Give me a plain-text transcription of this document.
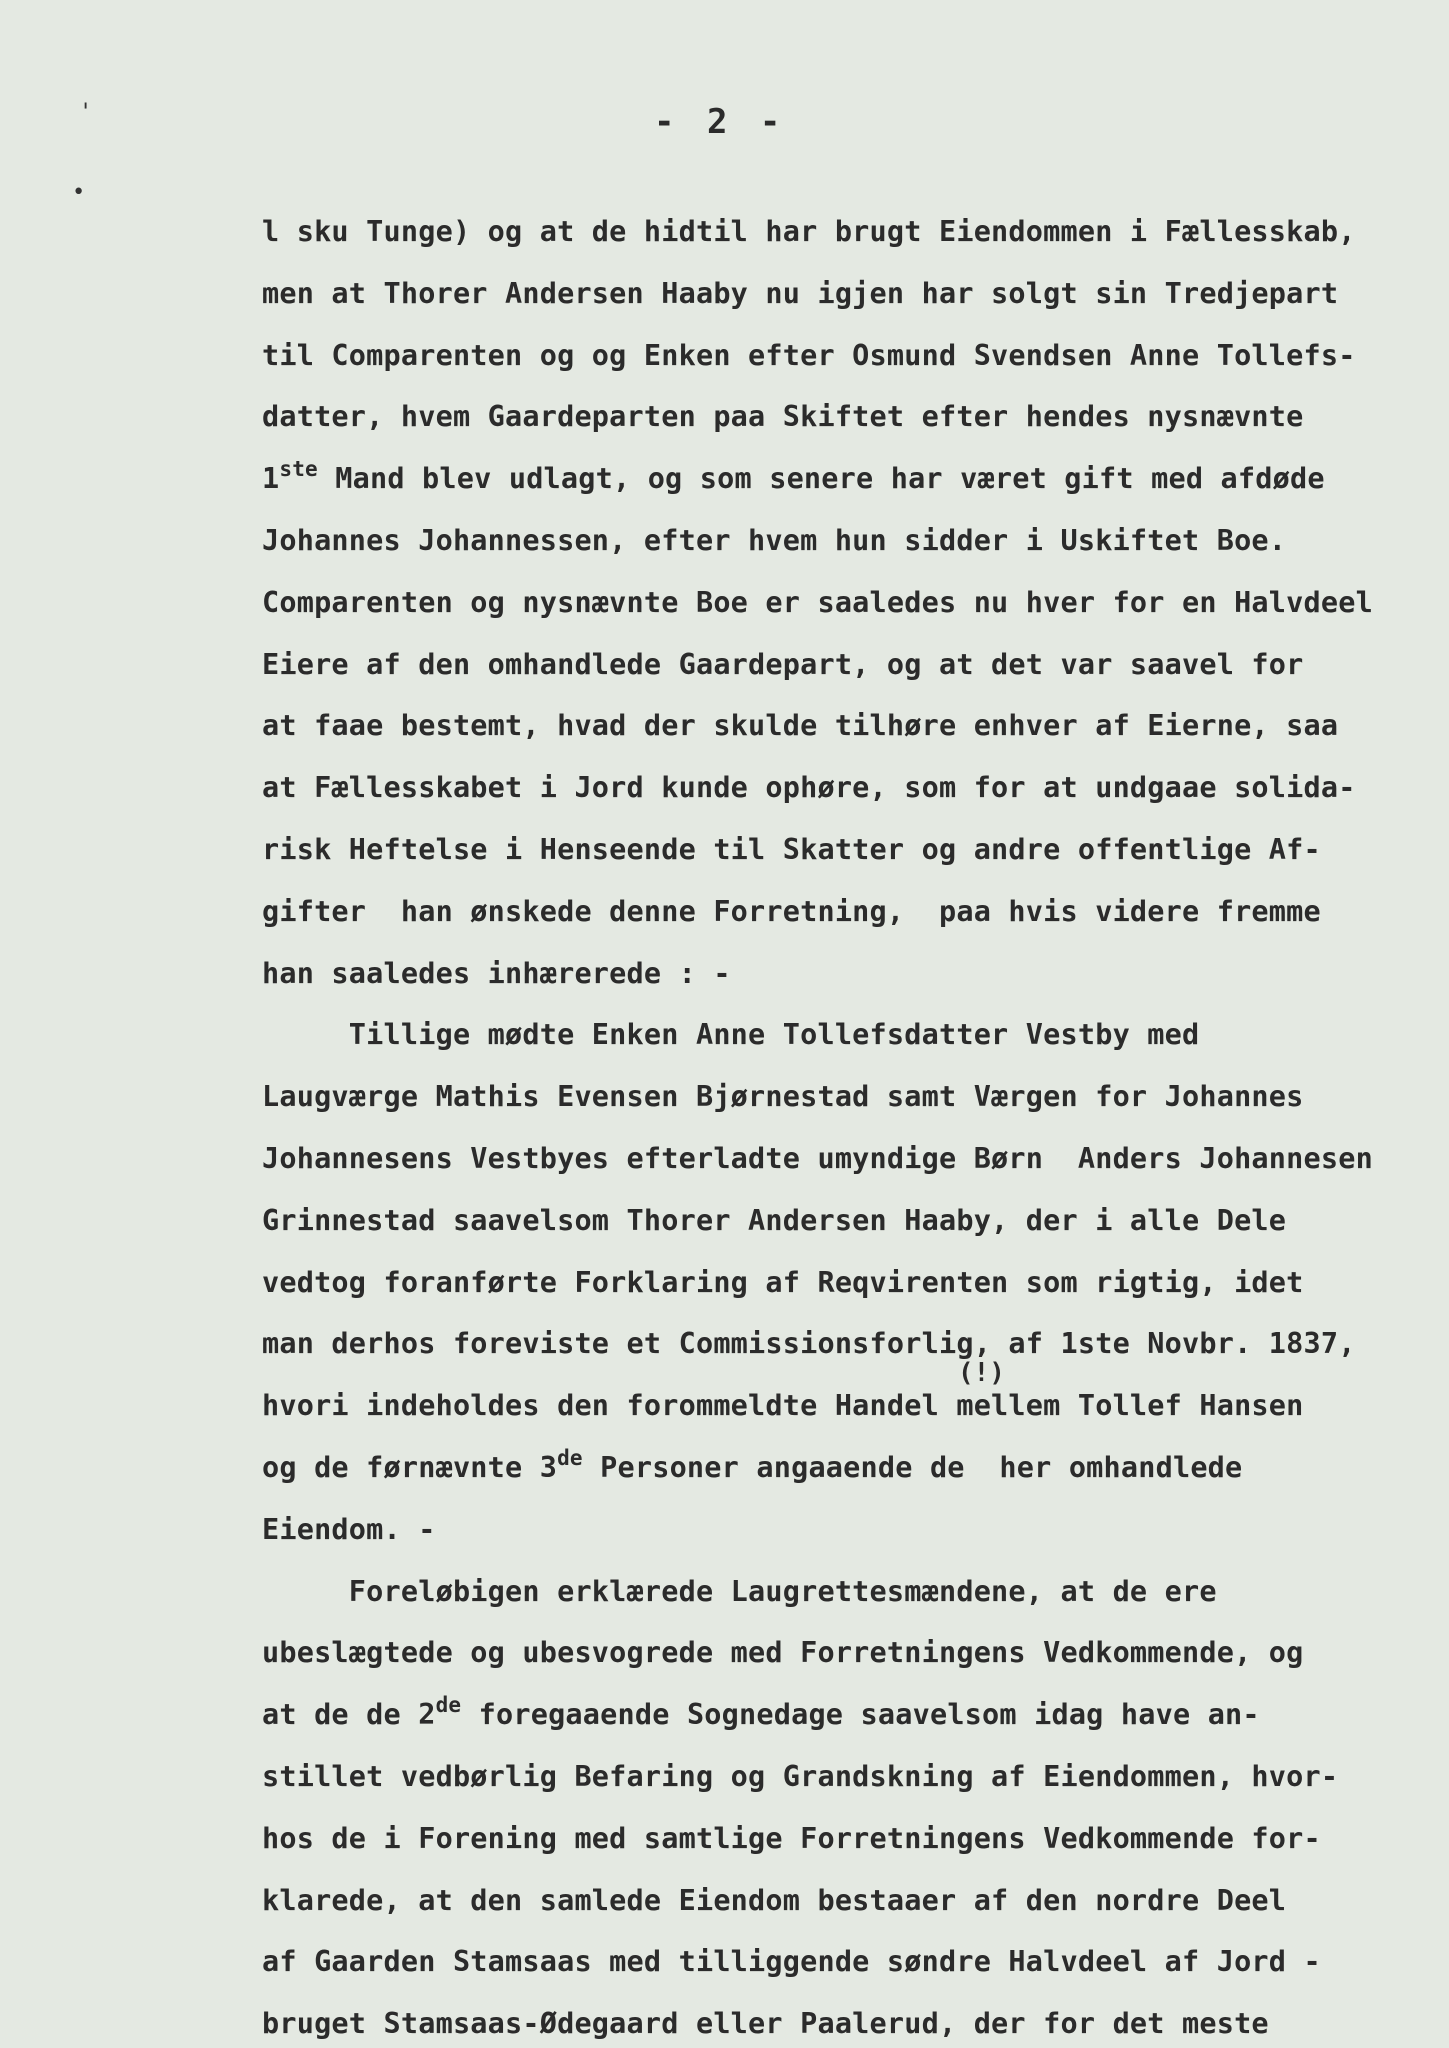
'
•
- 2 -
l sku Tunge) og at de hidtil har brugt Eiendommen i Fællesskab,
men at Thorer Andersen Haaby nu igjen har solgt sin Tredjepart
til Comparenten og og Enken efter Osmund Svendsen Anne Tollefs-
datter, hvem Gaardeparten paa Skiftet efter hendes nysnævnte
1ste Mand blev udlagt, og som senere har været gift med afdøde
Johannes Johannessen, efter hvem hun sidder i Uskiftet Boe.
Comparenten og nysnævnte Boe er saaledes nu hver for en Halvdeel
Eiere af den omhandlede Gaardepart, og at det var saavel for
at faae bestemt, hvad der skulde tilhøre enhver af Eierne, saa
at Fællesskabet i Jord kunde ophøre, som for at undgaae solida-
risk Heftelse i Henseende til Skatter og andre offentlige Af-
gifter  han ønskede denne Forretning,  paa hvis videre fremme
han saaledes inhærerede : -
Tillige mødte Enken Anne Tollefsdatter Vestby med
Laugværge Mathis Evensen Bjørnestad samt Værgen for Johannes
Johannesens Vestbyes efterladte umyndige Børn  Anders Johannesen
Grinnestad saavelsom Thorer Andersen Haaby, der i alle Dele
vedtog foranførte Forklaring af Reqvirenten som rigtig, idet
man derhos foreviste et Commissionsforlig, af 1ste Novbr. 1837,
hvori indeholdes den forommeldte Handel mellem Tollef Hansen
og de førnævnte 3de Personer angaaende de  her omhandlede
Eiendom. -
Foreløbigen erklærede Laugrettesmændene, at de ere
ubeslægtede og ubesvogrede med Forretningens Vedkommende, og
at de de 2de foregaaende Sognedage saavelsom idag have an-
stillet vedbørlig Befaring og Grandskning af Eiendommen, hvor-
hos de i Forening med samtlige Forretningens Vedkommende for-
klarede, at den samlede Eiendom bestaaer af den nordre Deel
af Gaarden Stamsaas med tilliggende søndre Halvdeel af Jord -
bruget Stamsaas-Ødegaard eller Paalerud, der for det meste
(!)
